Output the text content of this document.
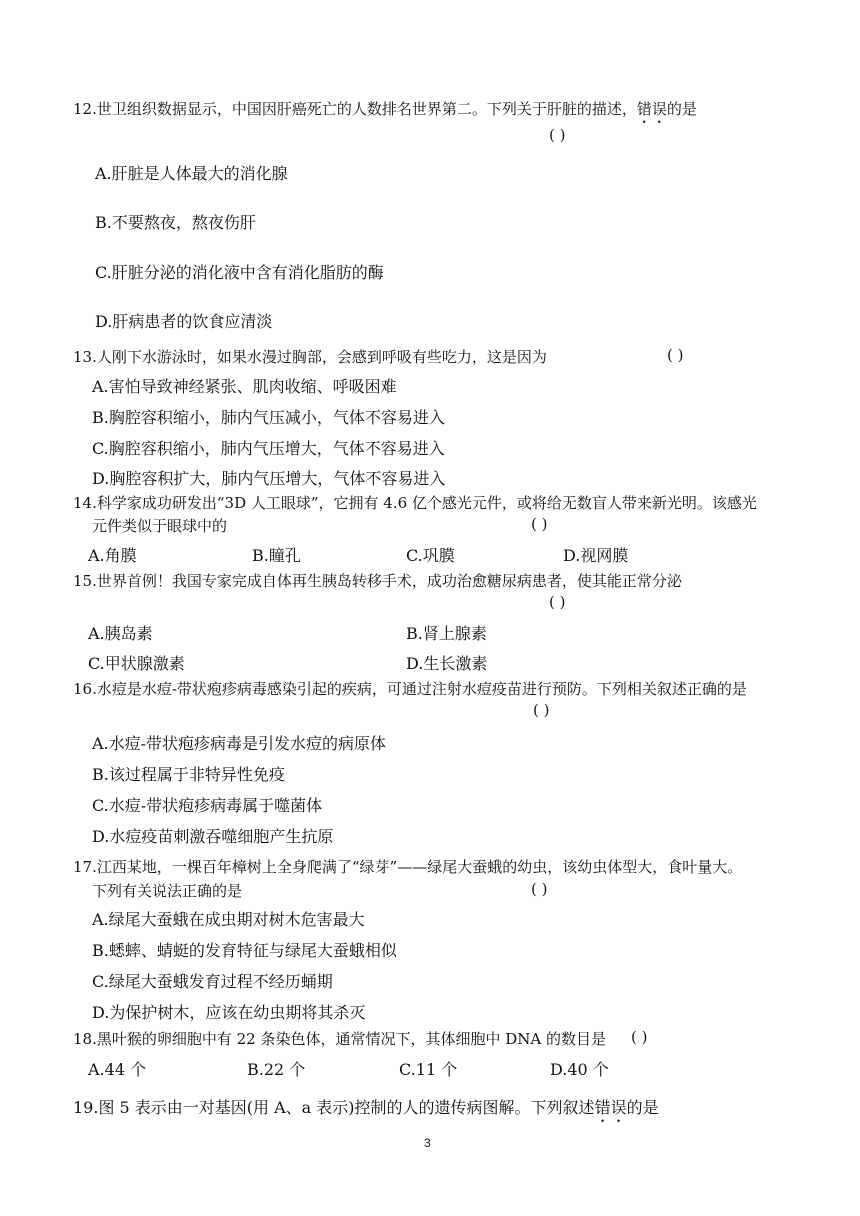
12.世卫组织数据显示，中国因肝癌死亡的人数排名世界第二。下列关于肝脏的描述，错误的是
( )
A.肝脏是人体最大的消化腺
B.不要熬夜，熬夜伤肝
C.肝脏分泌的消化液中含有消化脂肪的酶
D.肝病患者的饮食应清淡
13.人刚下水游泳时，如果水漫过胸部，会感到呼吸有些吃力，这是因为	( )
A.害怕导致神经紧张、肌肉收缩、呼吸困难
B.胸腔容积缩小，肺内气压减小，气体不容易进入
C.胸腔容积缩小，肺内气压增大，气体不容易进入
D.胸腔容积扩大，肺内气压增大，气体不容易进入
14.科学家成功研发出“3D 人工眼球”，它拥有 4.6 亿个感光元件，或将给无数盲人带来新光明。该感光
元件类似于眼球中的	( )
A.角膜	B.瞳孔	C.巩膜	D.视网膜
15.世界首例！我国专家完成自体再生胰岛转移手术，成功治愈糖尿病患者，使其能正常分泌
( )
A.胰岛素	B.肾上腺素
C.甲状腺激素	D.生长激素
16.水痘是水痘-带状疱疹病毒感染引起的疾病，可通过注射水痘疫苗进行预防。下列相关叙述正确的是
( )
A.水痘-带状疱疹病毒是引发水痘的病原体
B.该过程属于非特异性免疫
C.水痘-带状疱疹病毒属于噬菌体
D.水痘疫苗刺激吞噬细胞产生抗原
17.江西某地，一棵百年樟树上全身爬满了“绿芽”——绿尾大蚕蛾的幼虫，该幼虫体型大，食叶量大。
下列有关说法正确的是	( )
A.绿尾大蚕蛾在成虫期对树木危害最大
B.蟋蟀、蜻蜓的发育特征与绿尾大蚕蛾相似
C.绿尾大蚕蛾发育过程不经历蛹期
D.为保护树木，应该在幼虫期将其杀灭
18.黑叶猴的卵细胞中有 22 条染色体，通常情况下，其体细胞中 DNA 的数目是 ( )
A.44 个	B.22 个	C.11 个	D.40 个
19.图 5 表示由一对基因(用 A、a 表示)控制的人的遗传病图解。下列叙述错误的是
3
